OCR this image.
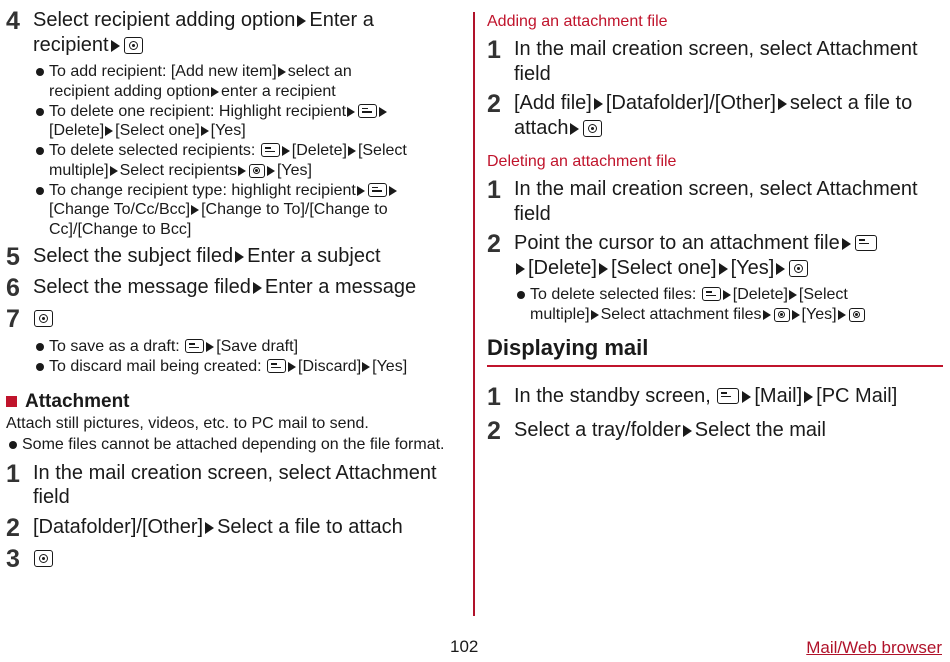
4 Select recipient adding option Enter a
recipient
To add recipient: [Add new item] select an
recipient adding option enter a recipient
To delete one recipient: Highlight recipient
[Delete] [Select one] [Yes]
To delete selected recipients: [Delete] [Select
multiple] Select recipients	[Yes]
To change recipient type: highlight recipient
[Change To/Cc/Bcc] [Change to To]/[Change to
Cc]/[Change to Bcc]
5 Select the subject filed Enter a subject
6 Select the message filed Enter a message
7
To save as a draft: [Save draft]
To discard mail being created: [Discard] [Yes]
Attachment

Attach still pictures, videos, etc. to PC mail to send.

Some files cannot be attached depending on the file format.
1 In the mail creation screen, select Attachment field
2 [Datafolder]/[Other] Select a file to attach
3
Adding an attachment file
1 In the mail creation screen, select Attachment field
2 [Add file] [Datafolder]/[Other] select a file to attach
Deleting an attachment file
1 In the mail creation screen, select Attachment field
2 Point the cursor to an attachment file
[Delete] [Select one] [Yes]
To delete selected files: [Delete] [Select
multiple] Select attachment files	[Yes]
Displaying mail
1 In the standby screen, [Mail] [PC Mail]
2 Select a tray/folder Select the mail
102	Mail/Web browser
